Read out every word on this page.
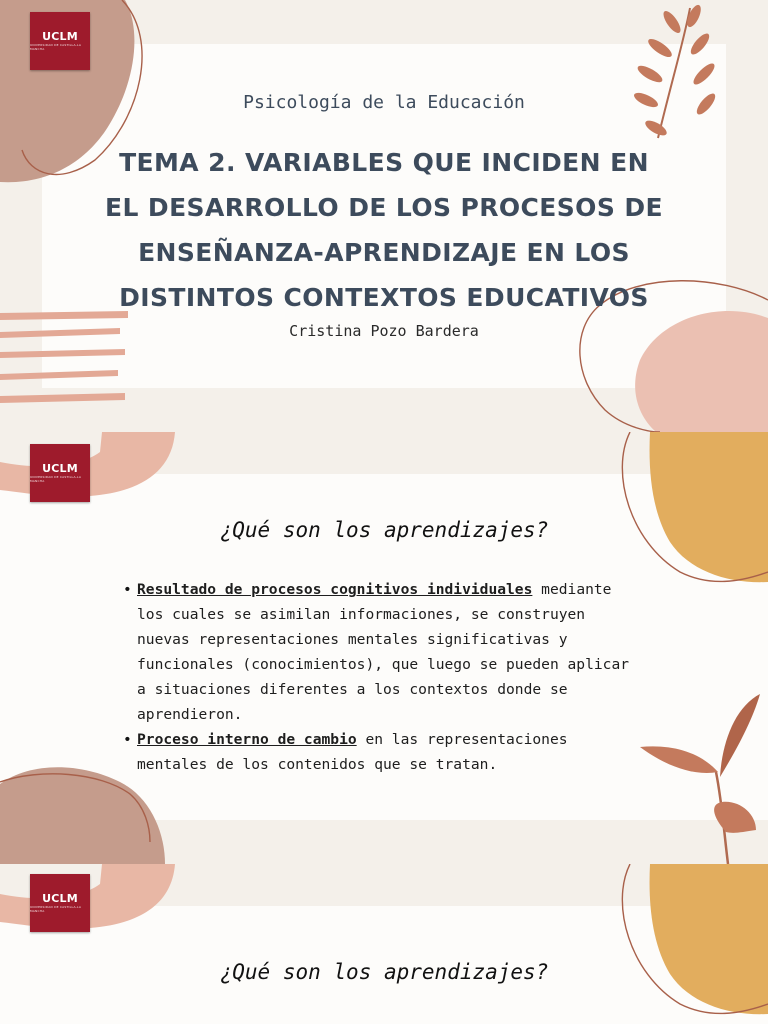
UCLM
UNIVERSIDAD DE CASTILLA-LA MANCHA
Psicología de la Educación
TEMA 2. VARIABLES QUE INCIDEN EN EL DESARROLLO DE LOS PROCESOS DE ENSEÑANZA-APRENDIZAJE EN LOS DISTINTOS CONTEXTOS EDUCATIVOS
Cristina Pozo Bardera
UCLM
UNIVERSIDAD DE CASTILLA-LA MANCHA
¿Qué son los aprendizajes?
• Resultado de procesos cognitivos individuales mediante los cuales se asimilan informaciones, se construyen nuevas representaciones mentales significativas y funcionales (conocimientos), que luego se pueden aplicar a situaciones diferentes a los contextos donde se aprendieron.
• Proceso interno de cambio en las representaciones mentales de los contenidos que se tratan.
UCLM
UNIVERSIDAD DE CASTILLA-LA MANCHA
¿Qué son los aprendizajes?
